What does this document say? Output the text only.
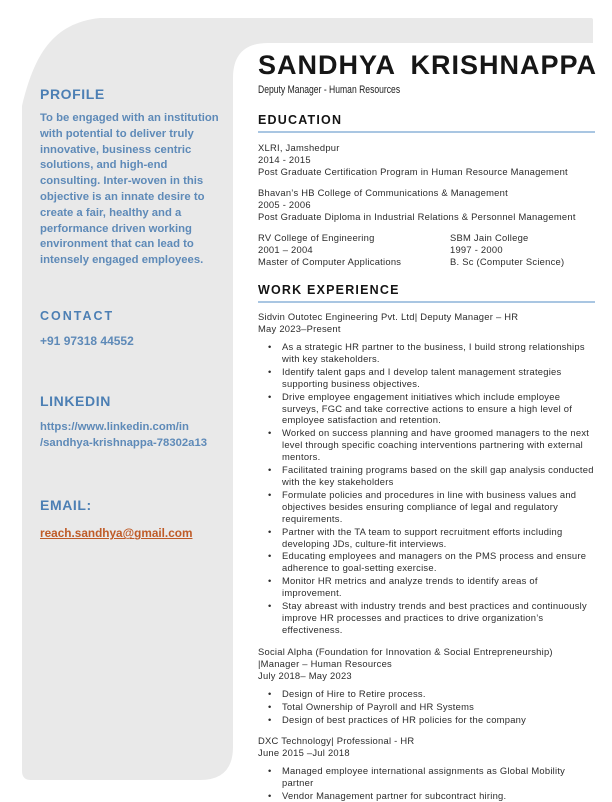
PROFILE

To be engaged with an institution with potential to deliver truly innovative, business centric solutions, and high-end consulting. Inter-woven in this objective is an innate desire to create a fair, healthy and a performance driven working environment that can lead to intensely engaged employees.

CONTACT

+91 97318 44552

LINKEDIN

https://www.linkedin.com/in /sandhya-krishnappa-78302a13

EMAIL:
reach.sandhya@gmail.com
SANDHYA KRISHNAPPA
Deputy Manager - Human Resources
EDUCATION

XLRI, Jamshedpur

2014 - 2015

Post Graduate Certification Program in Human Resource Management

Bhavan’s HB College of Communications & Management

2005 - 2006

Post Graduate Diploma in Industrial Relations & Personnel Management

RV College of Engineering

2001 – 2004

Master of Computer Applications

SBM Jain College

1997 - 2000

B. Sc (Computer Science)

WORK EXPERIENCE

Sidvin Outotec Engineering Pvt. Ltd| Deputy Manager – HR

May 2023–Present

• As a strategic HR partner to the business, I build strong relationships with key stakeholders.
• Identify talent gaps and I develop talent management strategies supporting business objectives.
• Drive employee engagement initiatives which include employee surveys, FGC and take corrective actions to ensure a high level of employee satisfaction and retention.
• Worked on success planning and have groomed managers to the next level through specific coaching interventions partnering with external mentors.
• Facilitated training programs based on the skill gap analysis conducted with the key stakeholders
• Formulate policies and procedures in line with business values and objectives besides ensuring compliance of legal and regulatory requirements.
• Partner with the TA team to support recruitment efforts including developing JDs, culture-fit interviews.
• Educating employees and managers on the PMS process and ensure adherence to goal-setting exercise.
• Monitor HR metrics and analyze trends to identify areas of improvement.
• Stay abreast with industry trends and best practices and continuously improve HR processes and practices to drive organization’s effectiveness.

Social Alpha (Foundation for Innovation & Social Entrepreneurship) |Manager – Human Resources

July 2018– May 2023

• Design of Hire to Retire process.
• Total Ownership of Payroll and HR Systems
• Design of best practices of HR policies for the company

DXC Technology| Professional - HR

June 2015 –Jul 2018

• Managed employee international assignments as Global Mobility partner
• Vendor Management partner for subcontract hiring.
